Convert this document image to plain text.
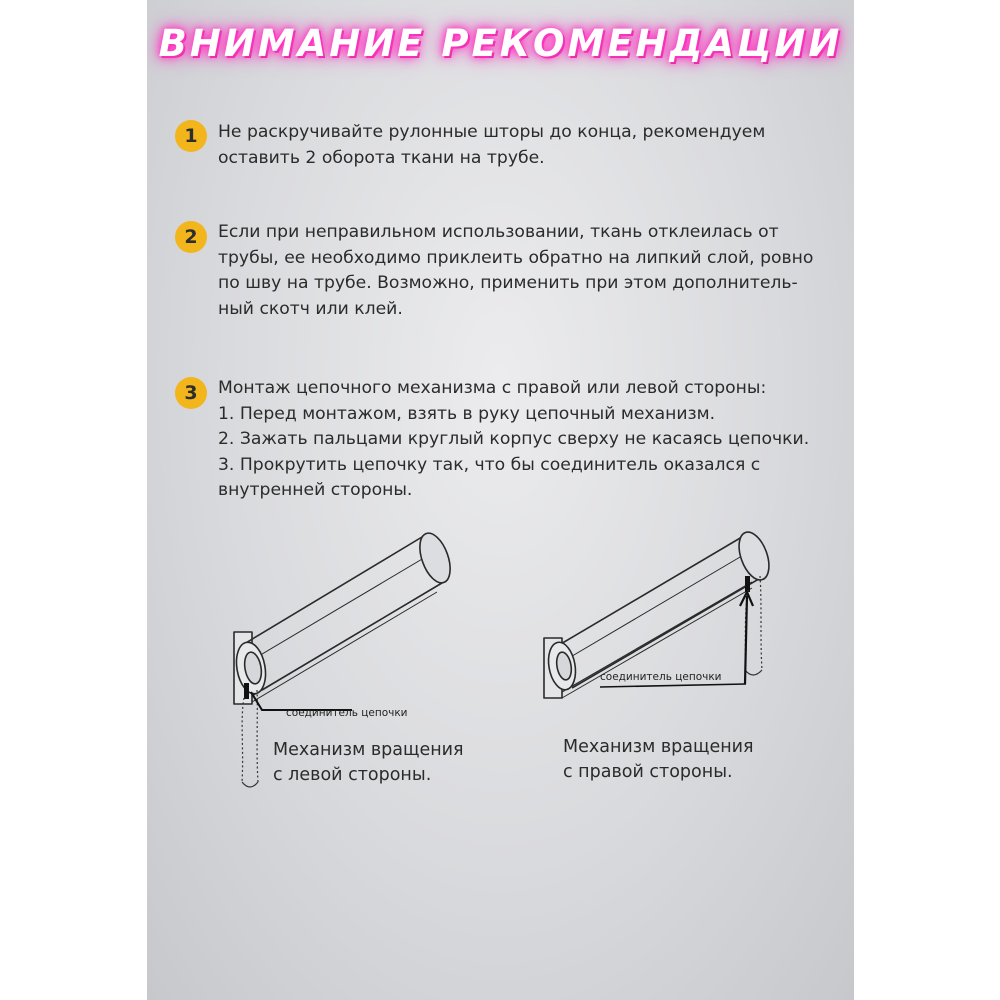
ВНИМАНИЕ РЕКОМЕНДАЦИИ
1	Не раскручивайте рулонные шторы до конца, рекомендуем
оставить 2 оборота ткани на трубе.
2	Если при неправильном использовании, ткань отклеилась от
трубы, ее необходимо приклеить обратно на липкий слой, ровно
по шву на трубе. Возможно, применить при этом дополнитель-
ный скотч или клей.
3	Монтаж цепочного механизма с правой или левой стороны:
1. Перед монтажом, взять в руку цепочный механизм.
2. Зажать пальцами круглый корпус сверху не касаясь цепочки.
3. Прокрутить цепочку так, что бы соединитель оказался с
внутренней стороны.
соединитель цепочки
Механизм вращения
с левой стороны.
соединитель цепочки
Механизм вращения
с правой стороны.
